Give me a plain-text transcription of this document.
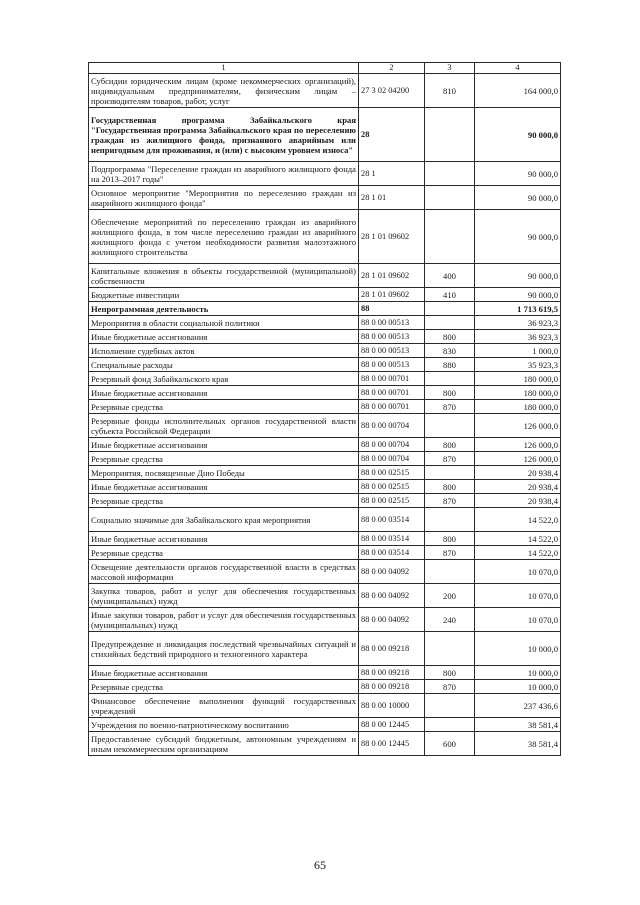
1	2	3	4
Субсидии юридическим лицам (кроме некоммерческих организаций), индивидуальным предпринимателям, физическим лицам – производителям товаров, работ, услуг	27 3 02 04200	810	164 000,0
Государственная программа Забайкальского края "Государственная программа Забайкальского края по переселению граждан из жилищного фонда, признанного аварийным или непригодным для проживания, и (или) с высоким уровнем износа"	28		90 000,0
Подпрограмма "Переселение граждан из аварийного жилищного фонда на 2013–2017 годы"	28 1		90 000,0
Основное мероприятие "Мероприятия по переселению граждан из аварийного жилищного фонда"	28 1 01		90 000,0
Обеспечение мероприятий по переселению граждан из аварийного жилищного фонда, в том числе переселению граждан из аварийного жилищного фонда с учетом необходимости развития малоэтажного жилищного строительства	28 1 01 09602		90 000,0
Капитальные вложения в объекты государственной (муниципальной) собственности	28 1 01 09602	400	90 000,0
Бюджетные инвестиции	28 1 01 09602	410	90 000,0
Непрограммная деятельность	88		1 713 619,5
Мероприятия в области социальной политики	88 0 00 00513		36 923,3
Иные бюджетные ассигнования	88 0 00 00513	800	36 923,3
Исполнение судебных актов	88 0 00 00513	830	1 000,0
Специальные расходы	88 0 00 00513	880	35 923,3
Резервный фонд Забайкальского края	88 0 00 00701		180 000,0
Иные бюджетные ассигнования	88 0 00 00701	800	180 000,0
Резервные средства	88 0 00 00701	870	180 000,0
Резервные фонды исполнительных органов государственной власти субъекта Российской Федерации	88 0 00 00704		126 000,0
Иные бюджетные ассигнования	88 0 00 00704	800	126 000,0
Резервные средства	88 0 00 00704	870	126 000,0
Мероприятия, посвященные Дню Победы	88 0 00 02515		20 938,4
Иные бюджетные ассигнования	88 0 00 02515	800	20 938,4
Резервные средства	88 0 00 02515	870	20 938,4
Социально значимые для Забайкальского края мероприятия	88 0 00 03514		14 522,0
Иные бюджетные ассигнования	88 0 00 03514	800	14 522,0
Резервные средства	88 0 00 03514	870	14 522,0
Освещение деятельности органов государственной власти в средствах массовой информации	88 0 00 04092		10 070,0
Закупка товаров, работ и услуг для обеспечения государственных (муниципальных) нужд	88 0 00 04092	200	10 070,0
Иные закупки товаров, работ и услуг для обеспечения государственных (муниципальных) нужд	88 0 00 04092	240	10 070,0
Предупреждение и ликвидация последствий чрезвычайных ситуаций и стихийных бедствий природного и техногенного характера	88 0 00 09218		10 000,0
Иные бюджетные ассигнования	88 0 00 09218	800	10 000,0
Резервные средства	88 0 00 09218	870	10 000,0
Финансовое обеспечение выполнения функций государственных учреждений	88 0 00 10000		237 436,6
Учреждения по военно-патриотическому воспитанию	88 0 00 12445		38 581,4
Предоставление субсидий бюджетным, автономным учреждениям и иным некоммерческим организациям	88 0 00 12445	600	38 581,4
65
